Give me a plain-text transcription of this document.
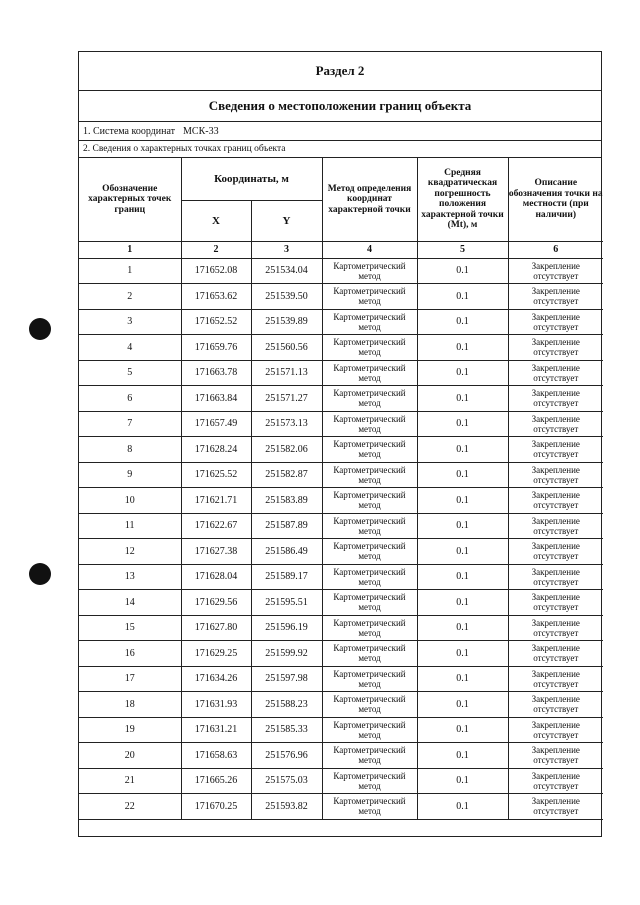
Раздел 2
Сведения о местоположении границ объекта
1. Система координат МСК-33
2. Сведения о характерных точках границ объекта
Обозначение характерных точек границ	Координаты, м		Метод определения координат характерной точки	Средняя квадратическая погрешность положения характерной точки (Mt), м	Описание обозначения точки на местности (при наличии)
	X	Y			
1	2	3	4	5	6
1	171652.08	251534.04	Картометрический метод	0.1	Закрепление отсутствует
2	171653.62	251539.50	Картометрический метод	0.1	Закрепление отсутствует
3	171652.52	251539.89	Картометрический метод	0.1	Закрепление отсутствует
4	171659.76	251560.56	Картометрический метод	0.1	Закрепление отсутствует
5	171663.78	251571.13	Картометрический метод	0.1	Закрепление отсутствует
6	171663.84	251571.27	Картометрический метод	0.1	Закрепление отсутствует
7	171657.49	251573.13	Картометрический метод	0.1	Закрепление отсутствует
8	171628.24	251582.06	Картометрический метод	0.1	Закрепление отсутствует
9	171625.52	251582.87	Картометрический метод	0.1	Закрепление отсутствует
10	171621.71	251583.89	Картометрический метод	0.1	Закрепление отсутствует
11	171622.67	251587.89	Картометрический метод	0.1	Закрепление отсутствует
12	171627.38	251586.49	Картометрический метод	0.1	Закрепление отсутствует
13	171628.04	251589.17	Картометрический метод	0.1	Закрепление отсутствует
14	171629.56	251595.51	Картометрический метод	0.1	Закрепление отсутствует
15	171627.80	251596.19	Картометрический метод	0.1	Закрепление отсутствует
16	171629.25	251599.92	Картометрический метод	0.1	Закрепление отсутствует
17	171634.26	251597.98	Картометрический метод	0.1	Закрепление отсутствует
18	171631.93	251588.23	Картометрический метод	0.1	Закрепление отсутствует
19	171631.21	251585.33	Картометрический метод	0.1	Закрепление отсутствует
20	171658.63	251576.96	Картометрический метод	0.1	Закрепление отсутствует
21	171665.26	251575.03	Картометрический метод	0.1	Закрепление отсутствует
22	171670.25	251593.82	Картометрический метод	0.1	Закрепление отсутствует
